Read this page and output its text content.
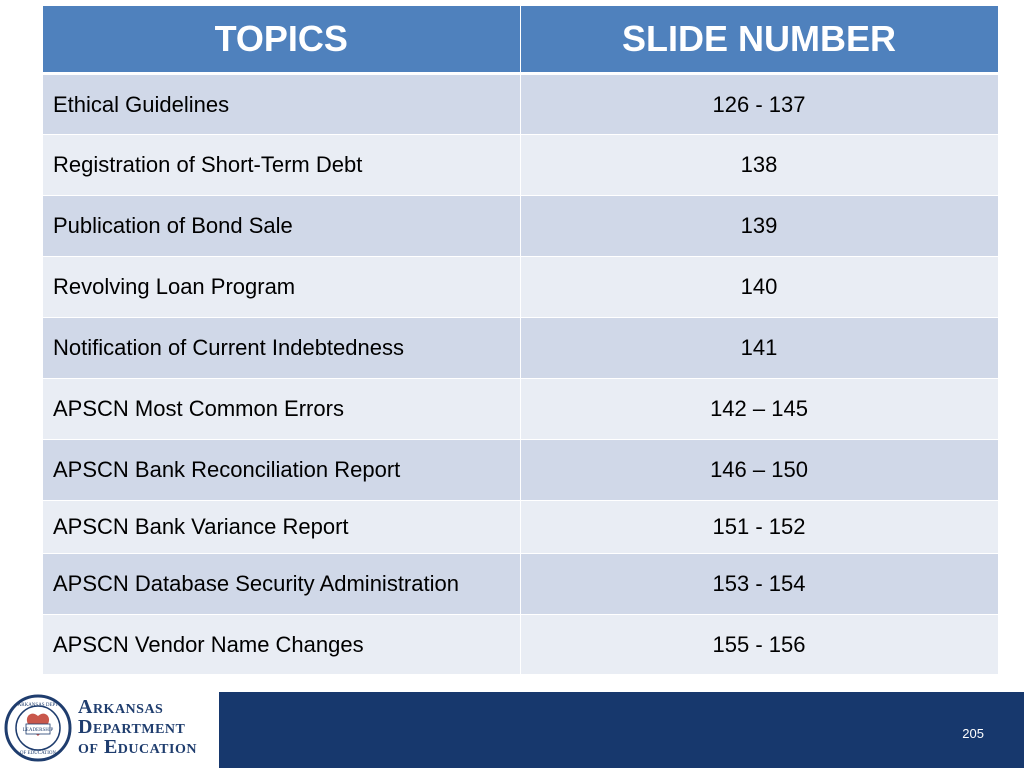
TOPICS	SLIDE NUMBER
Ethical Guidelines	126 - 137
Registration of Short-Term Debt	138
Publication of Bond Sale	139
Revolving Loan Program	140
Notification of Current Indebtedness	141
APSCN Most Common Errors	142 – 145
APSCN Bank Reconciliation Report	146 – 150
APSCN Bank Variance Report	151 - 152
APSCN Database Security Administration	153 - 154
APSCN Vendor Name Changes	155 - 156
LEADERSHIP
ARKANSAS DEPT
OF EDUCATION
Arkansas
Department
of Education
205
